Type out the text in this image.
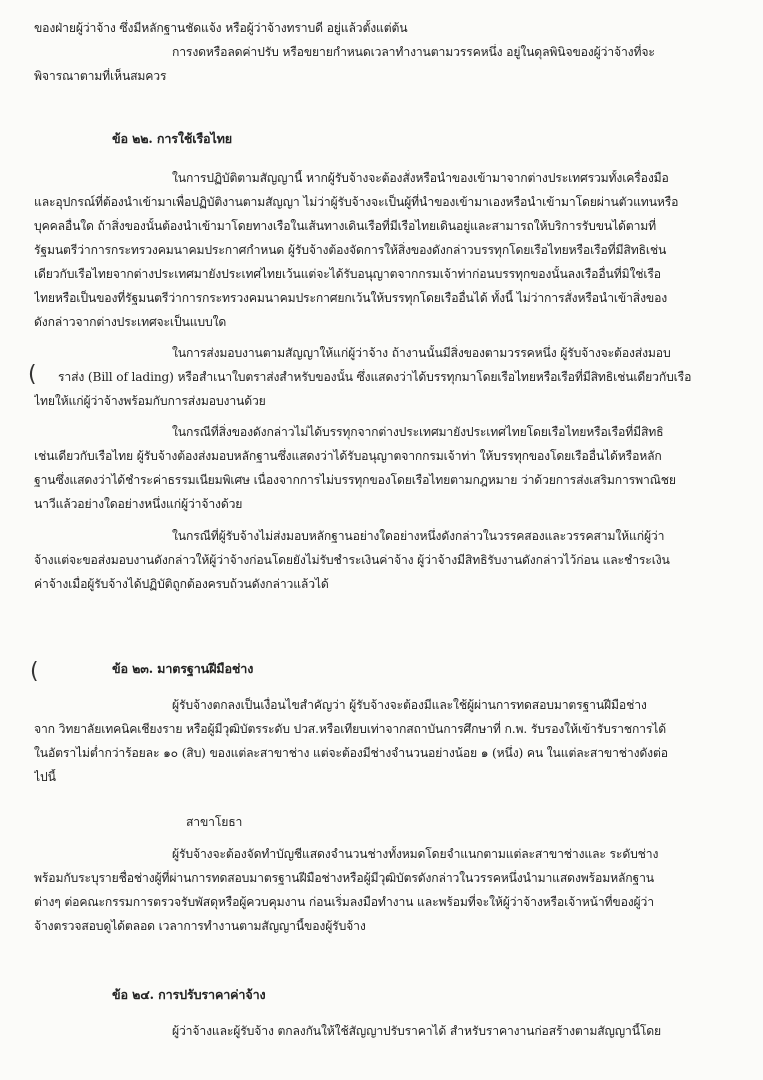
ของฝ่ายผู้ว่าจ้าง ซึ่งมีหลักฐานชัดแจ้ง หรือผู้ว่าจ้างทราบดี อยู่แล้วตั้งแต่ต้น
การงดหรือลดค่าปรับ หรือขยายกำหนดเวลาทำงานตามวรรคหนึ่ง อยู่ในดุลพินิจของผู้ว่าจ้างที่จะ
พิจารณาตามที่เห็นสมควร
ข้อ ๒๒. การใช้เรือไทย
ในการปฏิบัติตามสัญญานี้ หากผู้รับจ้างจะต้องสั่งหรือนำของเข้ามาจากต่างประเทศรวมทั้งเครื่องมือ
และอุปกรณ์ที่ต้องนำเข้ามาเพื่อปฏิบัติงานตามสัญญา ไม่ว่าผู้รับจ้างจะเป็นผู้ที่นำของเข้ามาเองหรือนำเข้ามาโดยผ่านตัวแทนหรือ
บุคคลอื่นใด ถ้าสิ่งของนั้นต้องนำเข้ามาโดยทางเรือในเส้นทางเดินเรือที่มีเรือไทยเดินอยู่และสามารถให้บริการรับขนได้ตามที่
รัฐมนตรีว่าการกระทรวงคมนาคมประกาศกำหนด ผู้รับจ้างต้องจัดการให้สิ่งของดังกล่าวบรรทุกโดยเรือไทยหรือเรือที่มีสิทธิเช่น
เดียวกับเรือไทยจากต่างประเทศมายังประเทศไทยเว้นแต่จะได้รับอนุญาตจากกรมเจ้าท่าก่อนบรรทุกของนั้นลงเรืออื่นที่มิใช่เรือ
ไทยหรือเป็นของที่รัฐมนตรีว่าการกระทรวงคมนาคมประกาศยกเว้นให้บรรทุกโดยเรืออื่นได้ ทั้งนี้ ไม่ว่าการสั่งหรือนำเข้าสิ่งของ
ดังกล่าวจากต่างประเทศจะเป็นแบบใด
ในการส่งมอบงานตามสัญญาให้แก่ผู้ว่าจ้าง ถ้างานนั้นมีสิ่งของตามวรรคหนึ่ง ผู้รับจ้างจะต้องส่งมอบ
( ราส่ง (Bill of lading) หรือสำเนาใบตราส่งสำหรับของนั้น ซึ่งแสดงว่าได้บรรทุกมาโดยเรือไทยหรือเรือที่มีสิทธิเช่นเดียวกับเรือ
ไทยให้แก่ผู้ว่าจ้างพร้อมกับการส่งมอบงานด้วย
ในกรณีที่สิ่งของดังกล่าวไม่ได้บรรทุกจากต่างประเทศมายังประเทศไทยโดยเรือไทยหรือเรือที่มีสิทธิ
เช่นเดียวกับเรือไทย ผู้รับจ้างต้องส่งมอบหลักฐานซึ่งแสดงว่าได้รับอนุญาตจากกรมเจ้าท่า ให้บรรทุกของโดยเรืออื่นได้หรือหลัก
ฐานซึ่งแสดงว่าได้ชำระค่าธรรมเนียมพิเศษ เนื่องจากการไม่บรรทุกของโดยเรือไทยตามกฎหมาย ว่าด้วยการส่งเสริมการพาณิชย
นาวีแล้วอย่างใดอย่างหนึ่งแก่ผู้ว่าจ้างด้วย
ในกรณีที่ผู้รับจ้างไม่ส่งมอบหลักฐานอย่างใดอย่างหนึ่งดังกล่าวในวรรคสองและวรรคสามให้แก่ผู้ว่า
จ้างแต่จะขอส่งมอบงานดังกล่าวให้ผู้ว่าจ้างก่อนโดยยังไม่รับชำระเงินค่าจ้าง ผู้ว่าจ้างมีสิทธิรับงานดังกล่าวไว้ก่อน และชำระเงิน
ค่าจ้างเมื่อผู้รับจ้างได้ปฏิบัติถูกต้องครบถ้วนดังกล่าวแล้วได้
(	ข้อ ๒๓. มาตรฐานฝีมือช่าง
ผู้รับจ้างตกลงเป็นเงื่อนไขสำคัญว่า ผู้รับจ้างจะต้องมีและใช้ผู้ผ่านการทดสอบมาตรฐานฝีมือช่าง
จาก วิทยาลัยเทคนิคเชียงราย หรือผู้มีวุฒิบัตรระดับ ปวส.หรือเทียบเท่าจากสถาบันการศึกษาที่ ก.พ. รับรองให้เข้ารับราชการได้
ในอัตราไม่ต่ำกว่าร้อยละ ๑๐ (สิบ) ของแต่ละสาขาช่าง แต่จะต้องมีช่างจำนวนอย่างน้อย ๑ (หนึ่ง) คน ในแต่ละสาขาช่างดังต่อ
ไปนี้
สาขาโยธา
ผู้รับจ้างจะต้องจัดทำบัญชีแสดงจำนวนช่างทั้งหมดโดยจำแนกตามแต่ละสาขาช่างและ ระดับช่าง
พร้อมกับระบุรายชื่อช่างผู้ที่ผ่านการทดสอบมาตรฐานฝีมือช่างหรือผู้มีวุฒิบัตรดังกล่าวในวรรคหนึ่งนำมาแสดงพร้อมหลักฐาน
ต่างๆ ต่อคณะกรรมการตรวจรับพัสดุหรือผู้ควบคุมงาน ก่อนเริ่มลงมือทำงาน และพร้อมที่จะให้ผู้ว่าจ้างหรือเจ้าหน้าที่ของผู้ว่า
จ้างตรวจสอบดูได้ตลอด เวลาการทำงานตามสัญญานี้ของผู้รับจ้าง
ข้อ ๒๔. การปรับราคาค่าจ้าง
ผู้ว่าจ้างและผู้รับจ้าง ตกลงกันให้ใช้สัญญาปรับราคาได้ สำหรับราคางานก่อสร้างตามสัญญานี้โดย
